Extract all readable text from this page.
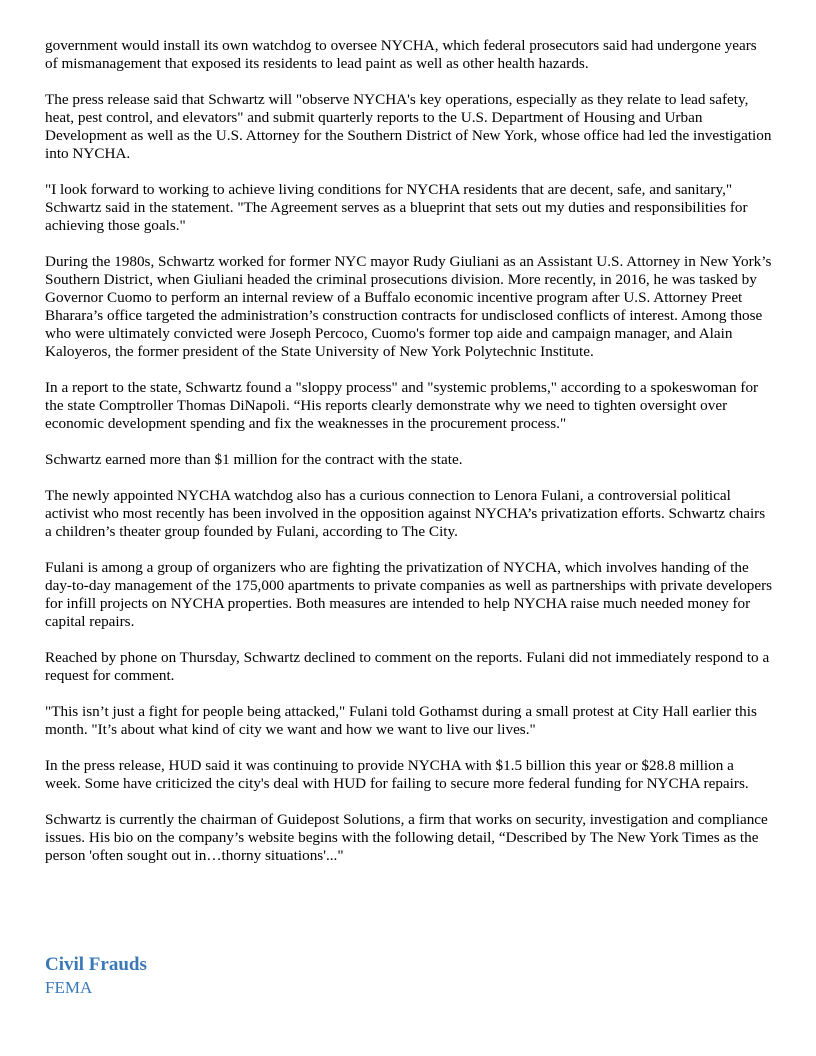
government would install its own watchdog to oversee NYCHA, which federal prosecutors said had undergone years of mismanagement that exposed its residents to lead paint as well as other health hazards.

The press release said that Schwartz will "observe NYCHA's key operations, especially as they relate to lead safety, heat, pest control, and elevators" and submit quarterly reports to the U.S. Department of Housing and Urban Development as well as the U.S. Attorney for the Southern District of New York, whose office had led the investigation into NYCHA.

"I look forward to working to achieve living conditions for NYCHA residents that are decent, safe, and sanitary," Schwartz said in the statement. "The Agreement serves as a blueprint that sets out my duties and responsibilities for achieving those goals."

During the 1980s, Schwartz worked for former NYC mayor Rudy Giuliani as an Assistant U.S. Attorney in New York’s Southern District, when Giuliani headed the criminal prosecutions division. More recently, in 2016, he was tasked by Governor Cuomo to perform an internal review of a Buffalo economic incentive program after U.S. Attorney Preet Bharara’s office targeted the administration’s construction contracts for undisclosed conflicts of interest. Among those who were ultimately convicted were Joseph Percoco, Cuomo's former top aide and campaign manager, and Alain Kaloyeros, the former president of the State University of New York Polytechnic Institute.

In a report to the state, Schwartz found a "sloppy process" and "systemic problems," according to a spokeswoman for the state Comptroller Thomas DiNapoli. “His reports clearly demonstrate why we need to tighten oversight over economic development spending and fix the weaknesses in the procurement process."

Schwartz earned more than $1 million for the contract with the state.

The newly appointed NYCHA watchdog also has a curious connection to Lenora Fulani, a controversial political activist who most recently has been involved in the opposition against NYCHA’s privatization efforts. Schwartz chairs a children’s theater group founded by Fulani, according to The City.

Fulani is among a group of organizers who are fighting the privatization of NYCHA, which involves handing of the day-to-day management of the 175,000 apartments to private companies as well as partnerships with private developers for infill projects on NYCHA properties. Both measures are intended to help NYCHA raise much needed money for capital repairs.

Reached by phone on Thursday, Schwartz declined to comment on the reports. Fulani did not immediately respond to a request for comment.

"This isn’t just a fight for people being attacked," Fulani told Gothamst during a small protest at City Hall earlier this month. "It’s about what kind of city we want and how we want to live our lives."

In the press release, HUD said it was continuing to provide NYCHA with $1.5 billion this year or $28.8 million a week. Some have criticized the city's deal with HUD for failing to secure more federal funding for NYCHA repairs.

Schwartz is currently the chairman of Guidepost Solutions, a firm that works on security, investigation and compliance issues. His bio on the company’s website begins with the following detail, “Described by The New York Times as the person 'often sought out in…thorny situations'..."

Civil Frauds
FEMA
